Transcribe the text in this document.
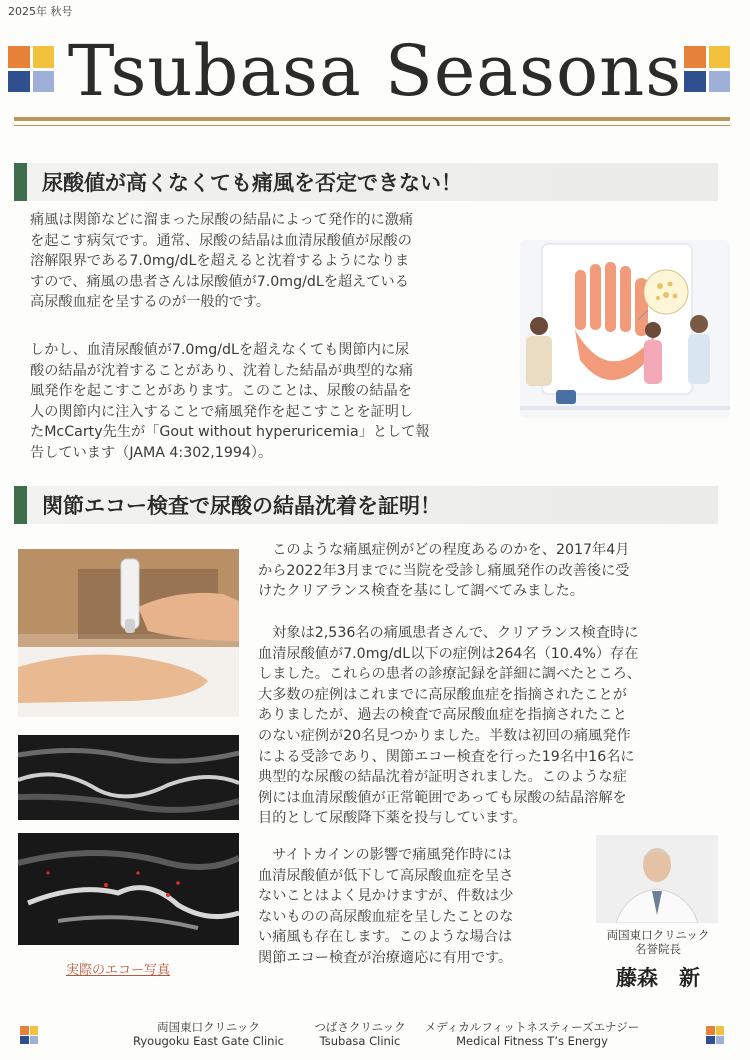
2025年 秋号
Tsubasa Seasons
尿酸値が高くなくても痛風を否定できない！
痛風は関節などに溜まった尿酸の結晶によって発作的に激痛
を起こす病気です。通常、尿酸の結晶は血清尿酸値が尿酸の
溶解限界である7.0mg/dLを超えると沈着するようになりま
すので、痛風の患者さんは尿酸値が7.0mg/dLを超えている
高尿酸血症を呈するのが一般的です。
しかし、血清尿酸値が7.0mg/dLを超えなくても関節内に尿
酸の結晶が沈着することがあり、沈着した結晶が典型的な痛
風発作を起こすことがあります。このことは、尿酸の結晶を
人の関節内に注入することで痛風発作を起こすことを証明し
たMcCarty先生が「Gout without hyperuricemia」として報
告しています（JAMA 4:302,1994）。
関節エコー検査で尿酸の結晶沈着を証明！
実際のエコー写真
　このような痛風症例がどの程度あるのかを、2017年4月
から2022年3月までに当院を受診し痛風発作の改善後に受
けたクリアランス検査を基にして調べてみました。
　対象は2,536名の痛風患者さんで、クリアランス検査時に
血清尿酸値が7.0mg/dL以下の症例は264名（10.4%）存在
しました。これらの患者の診療記録を詳細に調べたところ、
大多数の症例はこれまでに高尿酸血症を指摘されたことが
ありましたが、過去の検査で高尿酸血症を指摘されたこと
のない症例が20名見つかりました。半数は初回の痛風発作
による受診であり、関節エコー検査を行った19名中16名に
典型的な尿酸の結晶沈着が証明されました。このような症
例には血清尿酸値が正常範囲であっても尿酸の結晶溶解を
目的として尿酸降下薬を投与しています。
　サイトカインの影響で痛風発作時には
血清尿酸値が低下して高尿酸血症を呈さ
ないことはよく見かけますが、件数は少
ないものの高尿酸血症を呈したことのな
い痛風も存在します。このような場合は
関節エコー検査が治療適応に有用です。
両国東口クリニック
名誉院長
藤森　新
両国東口クリニック
Ryougoku East Gate Clinic
つばさクリニック
Tsubasa Clinic
メディカルフィットネスティーズエナジー
Medical Fitness T’s Energy
